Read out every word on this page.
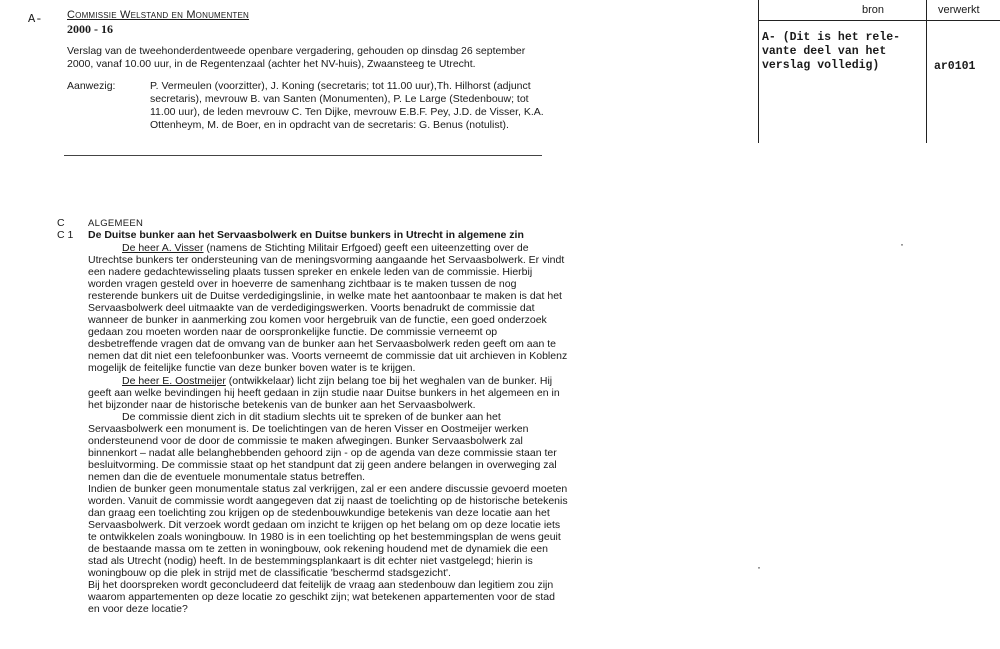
A- Commissie Welstand en Monumenten
2000 - 16
Verslag van de tweehonderdentweede openbare vergadering, gehouden op dinsdag 26 september 2000, vanaf 10.00 uur, in de Regentenzaal (achter het NV-huis), Zwaansteeg te Utrecht.
Aanwezig:	P. Vermeulen (voorzitter), J. Koning (secretaris; tot 11.00 uur),Th. Hilhorst (adjunct secretaris), mevrouw B. van Santen (Monumenten), P. Le Large (Stedenbouw; tot 11.00 uur), de leden mevrouw C. Ten Dijke, mevrouw E.B.F. Pey, J.D. de Visser, K.A. Ottenheym, M. de Boer, en in opdracht van de secretaris: G. Benus (notulist).
bron	verwerkt
A- (Dit is het rele-
vante deel van het
verslag volledig)	ar0101
C ALGEMEEN
C 1 De Duitse bunker aan het Servaasbolwerk en Duitse bunkers in Utrecht in algemene zin

De heer A. Visser (namens de Stichting Militair Erfgoed) geeft een uiteenzetting over de Utrechtse bunkers ter ondersteuning van de meningsvorming aangaande het Servaasbolwerk. Er vindt een nadere gedachtewisseling plaats tussen spreker en enkele leden van de commissie. Hierbij worden vragen gesteld over in hoeverre de samenhang zichtbaar is te maken tussen de nog resterende bunkers uit de Duitse verdedigingslinie, in welke mate het aantoonbaar te maken is dat het Servaasbolwerk deel uitmaakte van de verdedigingswerken. Voorts benadrukt de commissie dat wanneer de bunker in aanmerking zou komen voor hergebruik van de functie, een goed onderzoek gedaan zou moeten worden naar de oorspronkelijke functie. De commissie verneemt op desbetreffende vragen dat de omvang van de bunker aan het Servaasbolwerk reden geeft om aan te nemen dat dit niet een telefoonbunker was. Voorts verneemt de commissie dat uit archieven in Koblenz mogelijk de feitelijke functie van deze bunker boven water is te krijgen.

De heer E. Oostmeijer (ontwikkelaar) licht zijn belang toe bij het weghalen van de bunker. Hij geeft aan welke bevindingen hij heeft gedaan in zijn studie naar Duitse bunkers in het algemeen en in het bijzonder naar de historische betekenis van de bunker aan het Servaasbolwerk.

De commissie dient zich in dit stadium slechts uit te spreken of de bunker aan het Servaasbolwerk een monument is. De toelichtingen van de heren Visser en Oostmeijer werken ondersteunend voor de door de commissie te maken afwegingen. Bunker Servaasbolwerk zal binnenkort – nadat alle belanghebbenden gehoord zijn - op de agenda van deze commissie staan ter besluitvorming. De commissie staat op het standpunt dat zij geen andere belangen in overweging zal nemen dan die de eventuele monumentale status betreffen.

Indien de bunker geen monumentale status zal verkrijgen, zal er een andere discussie gevoerd moeten worden. Vanuit de commissie wordt aangegeven dat zij naast de toelichting op de historische betekenis dan graag een toelichting zou krijgen op de stedenbouwkundige betekenis van deze locatie aan het Servaasbolwerk. Dit verzoek wordt gedaan om inzicht te krijgen op het belang om op deze locatie iets te ontwikkelen zoals woningbouw. In 1980 is in een toelichting op het bestemmingsplan de wens geuit de bestaande massa om te zetten in woningbouw, ook rekening houdend met de dynamiek die een stad als Utrecht (nodig) heeft. In de bestemmingsplankaart is dit echter niet vastgelegd; hierin is woningbouw op die plek in strijd met de classificatie 'beschermd stadsgezicht'.

Bij het doorspreken wordt geconcludeerd dat feitelijk de vraag aan stedenbouw dan legitiem zou zijn waarom appartementen op deze locatie zo geschikt zijn; wat betekenen appartementen voor de stad en voor deze locatie?

·
·
